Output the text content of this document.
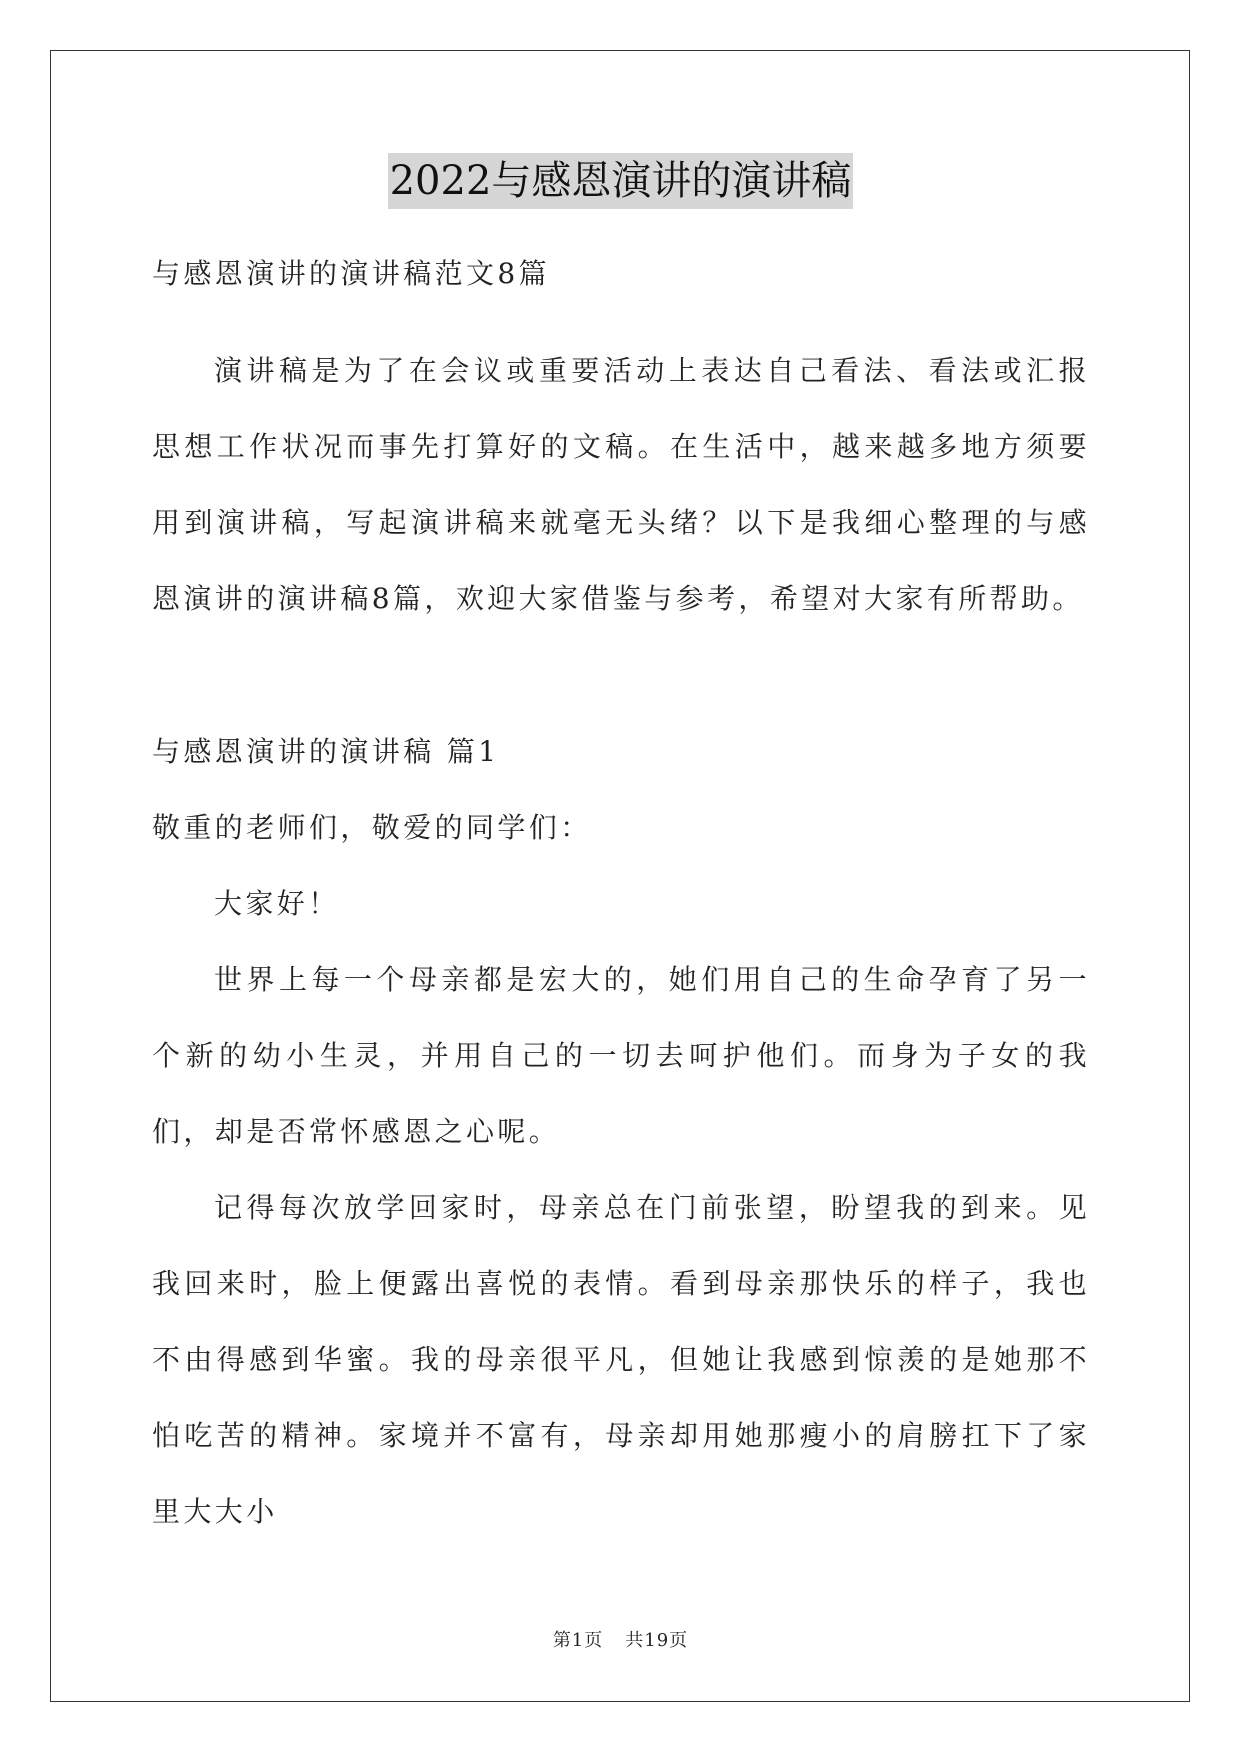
2022与感恩演讲的演讲稿

与感恩演讲的演讲稿范文8篇

演讲稿是为了在会议或重要活动上表达自己看法、看法或汇报思想工作状况而事先打算好的文稿。在生活中，越来越多地方须要用到演讲稿，写起演讲稿来就毫无头绪？以下是我细心整理的与感恩演讲的演讲稿8篇，欢迎大家借鉴与参考，希望对大家有所帮助。

与感恩演讲的演讲稿 篇1

敬重的老师们，敬爱的同学们：

大家好！

世界上每一个母亲都是宏大的，她们用自己的生命孕育了另一个新的幼小生灵，并用自己的一切去呵护他们。而身为子女的我们，却是否常怀感恩之心呢。

记得每次放学回家时，母亲总在门前张望，盼望我的到来。见我回来时，脸上便露出喜悦的表情。看到母亲那快乐的样子，我也不由得感到华蜜。我的母亲很平凡，但她让我感到惊羡的是她那不怕吃苦的精神。家境并不富有，母亲却用她那瘦小的肩膀扛下了家里大大小

第1页 共19页
